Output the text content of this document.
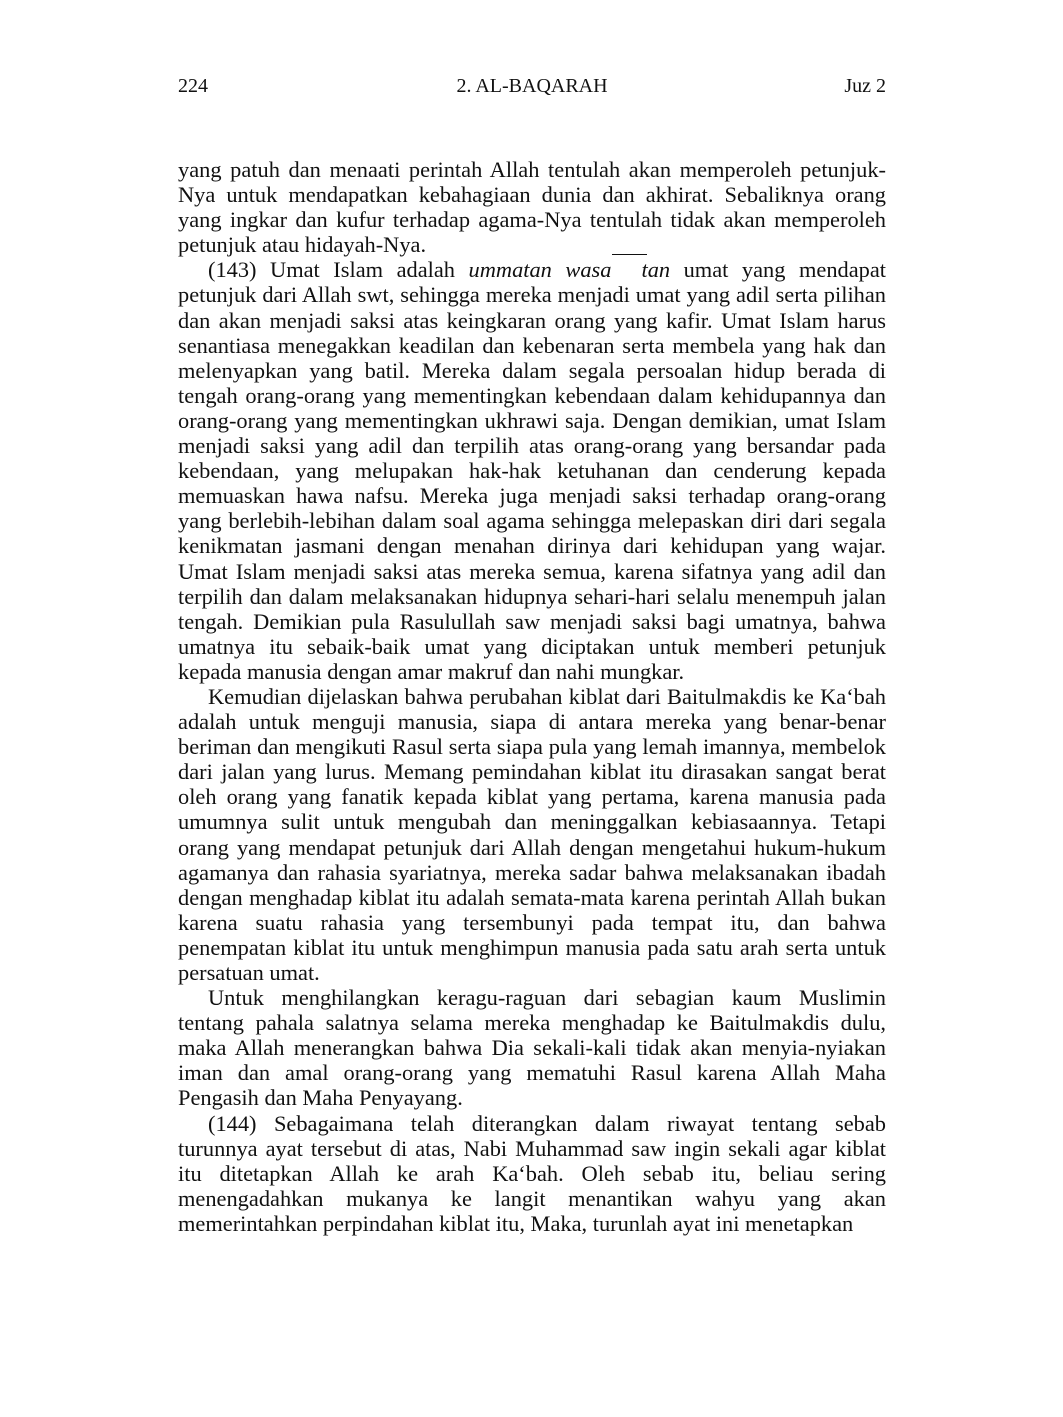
224	2. AL-BAQARAH	Juz 2

yang patuh dan menaati perintah Allah tentulah akan memperoleh petunjuk-Nya untuk mendapatkan kebahagiaan dunia dan akhirat. Sebaliknya orang yang ingkar dan kufur terhadap agama-Nya tentulah tidak akan memperoleh petunjuk atau hidayah-Nya.

(143) Umat Islam adalah ummatan wasa tan umat yang mendapat petunjuk dari Allah swt, sehingga mereka menjadi umat yang adil serta pilihan dan akan menjadi saksi atas keingkaran orang yang kafir. Umat Islam harus senantiasa menegakkan keadilan dan kebenaran serta membela yang hak dan melenyapkan yang batil. Mereka dalam segala persoalan hidup berada di tengah orang-orang yang mementingkan kebendaan dalam kehidupannya dan orang-orang yang mementingkan ukhrawi saja. Dengan demikian, umat Islam menjadi saksi yang adil dan terpilih atas orang-orang yang bersandar pada kebendaan, yang melupakan hak-hak ketuhanan dan cenderung kepada memuaskan hawa nafsu. Mereka juga menjadi saksi terhadap orang-orang yang berlebih-lebihan dalam soal agama sehingga melepaskan diri dari segala kenikmatan jasmani dengan menahan dirinya dari kehidupan yang wajar. Umat Islam menjadi saksi atas mereka semua, karena sifatnya yang adil dan terpilih dan dalam melaksanakan hidupnya sehari-hari selalu menempuh jalan tengah. Demikian pula Rasulullah saw menjadi saksi bagi umatnya, bahwa umatnya itu sebaik-baik umat yang diciptakan untuk memberi petunjuk kepada manusia dengan amar makruf dan nahi mungkar.

Kemudian dijelaskan bahwa perubahan kiblat dari Baitulmakdis ke Ka‘bah adalah untuk menguji manusia, siapa di antara mereka yang benar-benar beriman dan mengikuti Rasul serta siapa pula yang lemah imannya, membelok dari jalan yang lurus. Memang pemindahan kiblat itu dirasakan sangat berat oleh orang yang fanatik kepada kiblat yang pertama, karena manusia pada umumnya sulit untuk mengubah dan meninggalkan kebiasaannya. Tetapi orang yang mendapat petunjuk dari Allah dengan mengetahui hukum-hukum agamanya dan rahasia syariatnya, mereka sadar bahwa melaksanakan ibadah dengan menghadap kiblat itu adalah semata-mata karena perintah Allah bukan karena suatu rahasia yang tersembunyi pada tempat itu, dan bahwa penempatan kiblat itu untuk menghimpun manusia pada satu arah serta untuk persatuan umat.

Untuk menghilangkan keragu-raguan dari sebagian kaum Muslimin tentang pahala salatnya selama mereka menghadap ke Baitulmakdis dulu, maka Allah menerangkan bahwa Dia sekali-kali tidak akan menyia-nyiakan iman dan amal orang-orang yang mematuhi Rasul karena Allah Maha Pengasih dan Maha Penyayang.

(144) Sebagaimana telah diterangkan dalam riwayat tentang sebab turunnya ayat tersebut di atas, Nabi Muhammad saw ingin sekali agar kiblat itu ditetapkan Allah ke arah Ka‘bah. Oleh sebab itu, beliau sering menengadahkan mukanya ke langit menantikan wahyu yang akan memerintahkan perpindahan kiblat itu, Maka, turunlah ayat ini menetapkan
